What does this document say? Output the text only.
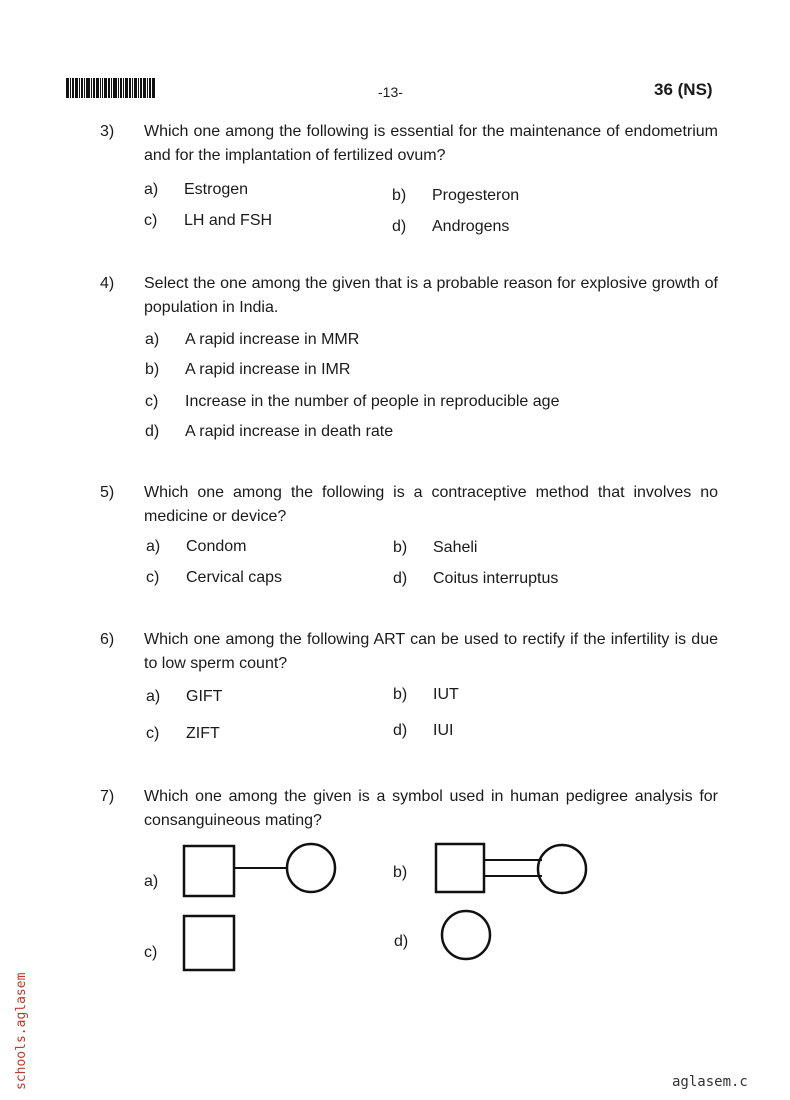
-13-	36 (NS)
3) Which one among the following is essential for the maintenance of endometrium and for the implantation of fertilized ovum?
a) Estrogen	b) Progesteron
c) LH and FSH	d) Androgens
4) Select the one among the given that is a probable reason for explosive growth of population in India.
a) A rapid increase in MMR
b) A rapid increase in IMR
c) Increase in the number of people in reproducible age
d) A rapid increase in death rate
5) Which one among the following is a contraceptive method that involves no medicine or device?
a) Condom	b) Saheli
c) Cervical caps	d) Coitus interruptus
6) Which one among the following ART can be used to rectify if the infertility is due to low sperm count?
a) GIFT	b) IUT
c) ZIFT	d) IUI
7) Which one among the given is a symbol used in human pedigree analysis for consanguineous mating?
a)
b)
c)
d)
schools.aglasem	aglasem.c
